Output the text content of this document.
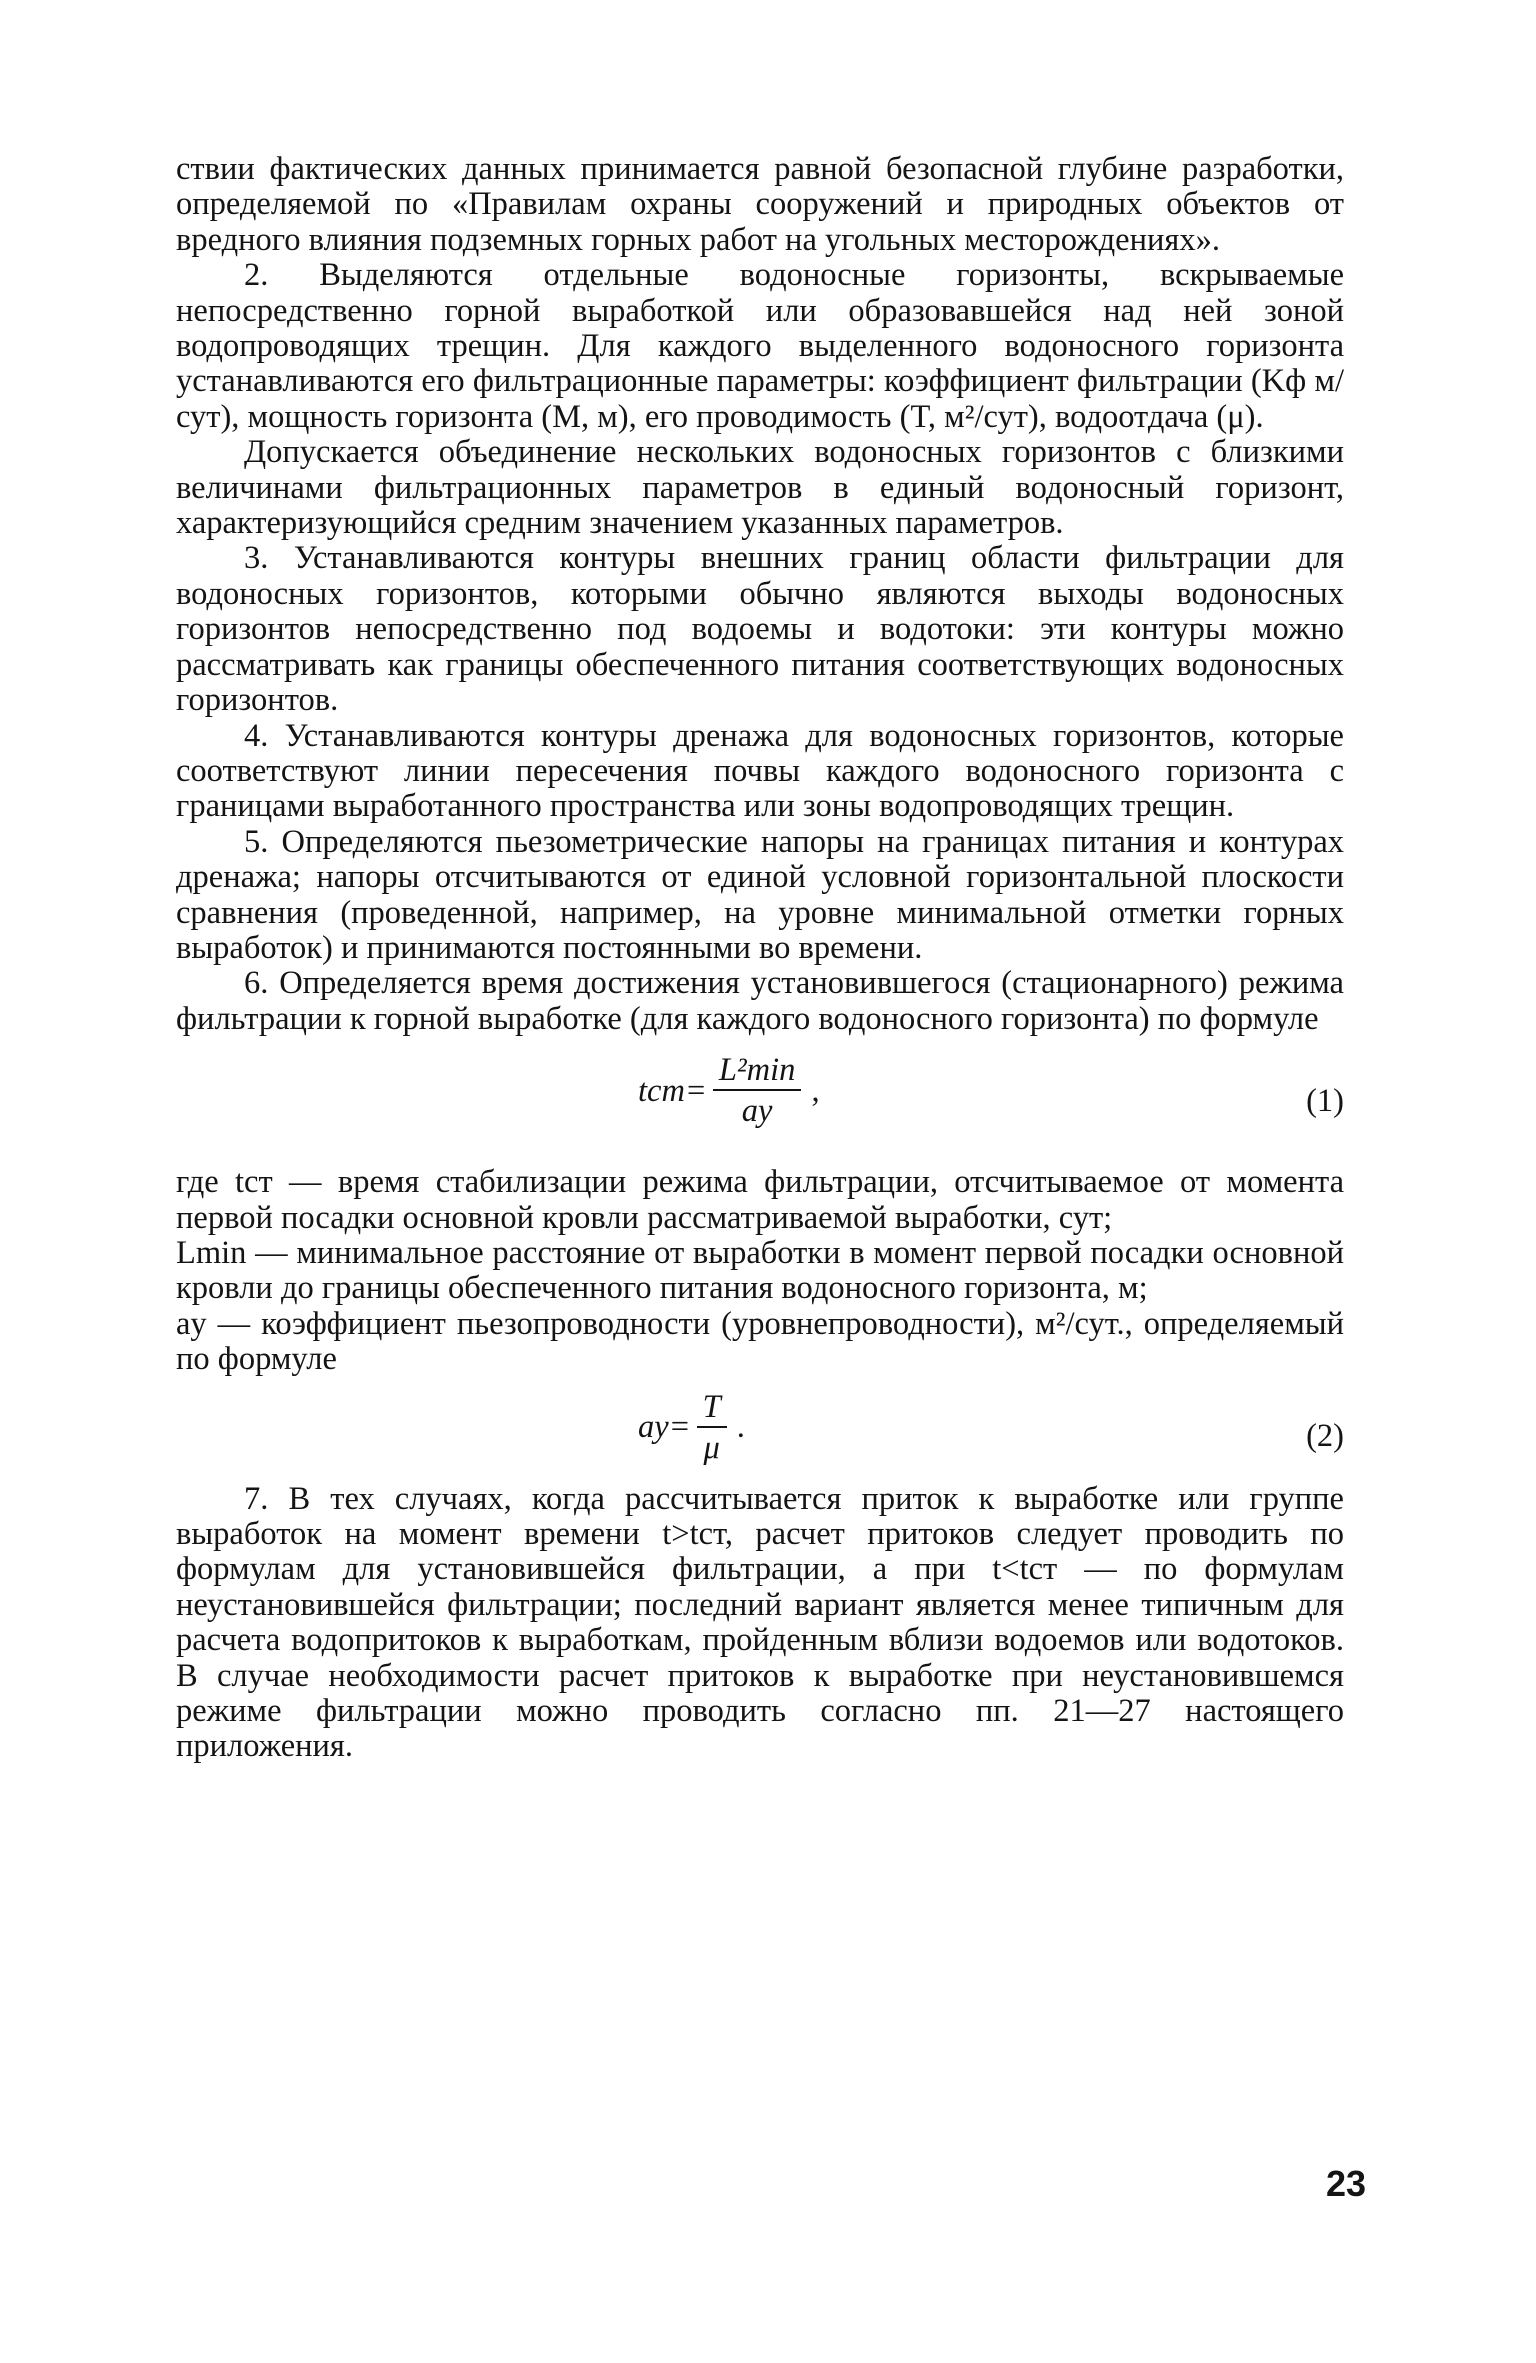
ствии фактических данных принимается равной безопасной глубине разработки, определяемой по «Правилам охраны сооружений и природных объектов от вредного влияния подземных горных работ на угольных месторождениях».

2. Выделяются отдельные водоносные горизонты, вскрываемые непосредственно горной выработкой или образовавшейся над ней зоной водопроводящих трещин. Для каждого выделенного водоносного горизонта устанавливаются его фильтрационные параметры: коэффициент фильтрации (Kф м/сут), мощность горизонта (M, м), его проводимость (T, м²/сут), водоотдача (μ).

Допускается объединение нескольких водоносных горизонтов с близкими величинами фильтрационных параметров в единый водоносный горизонт, характеризующийся средним значением указанных параметров.

3. Устанавливаются контуры внешних границ области фильтрации для водоносных горизонтов, которыми обычно являются выходы водоносных горизонтов непосредственно под водоемы и водотоки: эти контуры можно рассматривать как границы обеспеченного питания соответствующих водоносных горизонтов.

4. Устанавливаются контуры дренажа для водоносных горизонтов, которые соответствуют линии пересечения почвы каждого водоносного горизонта с границами выработанного пространства или зоны водопроводящих трещин.

5. Определяются пьезометрические напоры на границах питания и контурах дренажа; напоры отсчитываются от единой условной горизонтальной плоскости сравнения (проведенной, например, на уровне минимальной отметки горных выработок) и принимаются постоянными во времени.

6. Определяется время достижения установившегося (стационарного) режима фильтрации к горной выработке (для каждого водоносного горизонта) по формуле

$tст= \frac{\text{L²min}}{aу}$ ,	(1)

где tст — время стабилизации режима фильтрации, отсчитываемое от момента первой посадки основной кровли рассматриваемой выработки, сут;

Lmin — минимальное расстояние от выработки в момент первой посадки основной кровли до границы обеспеченного питания водоносного горизонта, м;

aу — коэффициент пьезопроводности (уровнепроводности), м²/сут., определяемый по формуле

$aу= \frac{T}{\mu}$ .	(2)

7. В тех случаях, когда рассчитывается приток к выработке или группе выработок на момент времени t>tст, расчет притоков следует проводить по формулам для установившейся фильтрации, а при t<tст — по формулам неустановившейся фильтрации; последний вариант является менее типичным для расчета водопритоков к выработкам, пройденным вблизи водоемов или водотоков. В случае необходимости расчет притоков к выработке при неустановившемся режиме фильтрации можно проводить согласно пп. 21—27 настоящего приложения.

23
